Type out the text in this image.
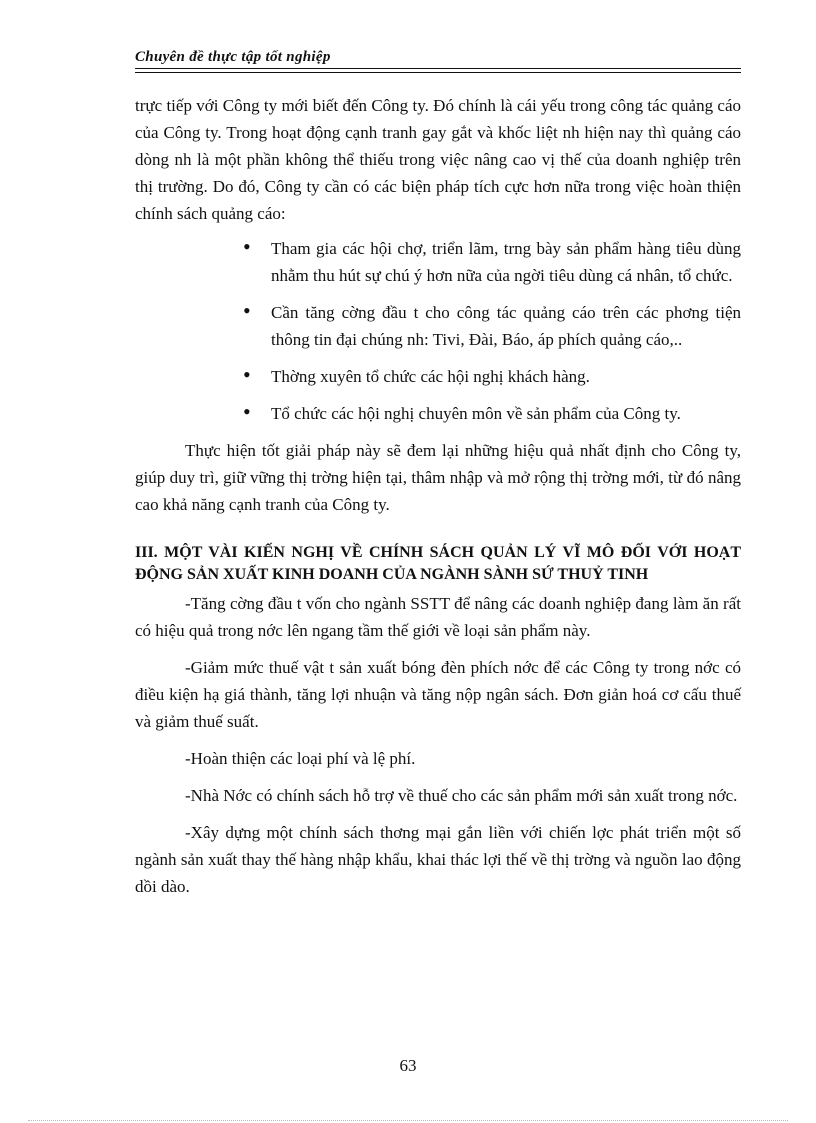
Chuyên đề thực tập tốt nghiệp

trực tiếp với Công ty mới biết đến Công ty. Đó chính là cái yếu trong công tác quảng cáo của Công ty. Trong hoạt động cạnh tranh gay gắt và khốc liệt nh hiện nay thì quảng cáo dòng nh là một phần không thể thiếu trong việc nâng cao vị thế của doanh nghiệp trên thị trường. Do đó, Công ty cần có các biện pháp tích cực hơn nữa trong việc hoàn thiện chính sách quảng cáo:

• Tham gia các hội chợ, triển lãm, trng bày sản phẩm hàng tiêu dùng nhằm thu hút sự chú ý hơn nữa của ngời tiêu dùng cá nhân, tổ chức.
• Cần tăng cờng đầu t cho công tác quảng cáo trên các phơng tiện thông tin đại chúng nh: Tivi, Đài, Báo, áp phích quảng cáo,..
• Thờng xuyên tổ chức các hội nghị khách hàng.
• Tổ chức các hội nghị chuyên môn về sản phẩm của Công ty.

Thực hiện tốt giải pháp này sẽ đem lại những hiệu quả nhất định cho Công ty, giúp duy trì, giữ vững thị trờng hiện tại, thâm nhập và mở rộng thị trờng mới, từ đó nâng cao khả năng cạnh tranh của Công ty.

III. MỘT VÀI KIẾN NGHỊ VỀ CHÍNH SÁCH QUẢN LÝ VĨ MÔ ĐỐI VỚI HOẠT ĐỘNG SẢN XUẤT KINH DOANH CỦA NGÀNH SÀNH SỨ THUỶ TINH

-Tăng cờng đầu t vốn cho ngành SSTT để nâng các doanh nghiệp đang làm ăn rất có hiệu quả trong nớc lên ngang tầm thế giới về loại sản phẩm này.

-Giảm mức thuế vật t sản xuất bóng đèn phích nớc để các Công ty trong nớc có điều kiện hạ giá thành, tăng lợi nhuận và tăng nộp ngân sách. Đơn giản hoá cơ cấu thuế và giảm thuế suất.

-Hoàn thiện các loại phí và lệ phí.

-Nhà Nớc có chính sách hỗ trợ về thuế cho các sản phẩm mới sản xuất trong nớc.

-Xây dựng một chính sách thơng mại gắn liền với chiến lợc phát triển một số ngành sản xuất thay thế hàng nhập khẩu, khai thác lợi thế về thị trờng và nguồn lao động dồi dào.

63
